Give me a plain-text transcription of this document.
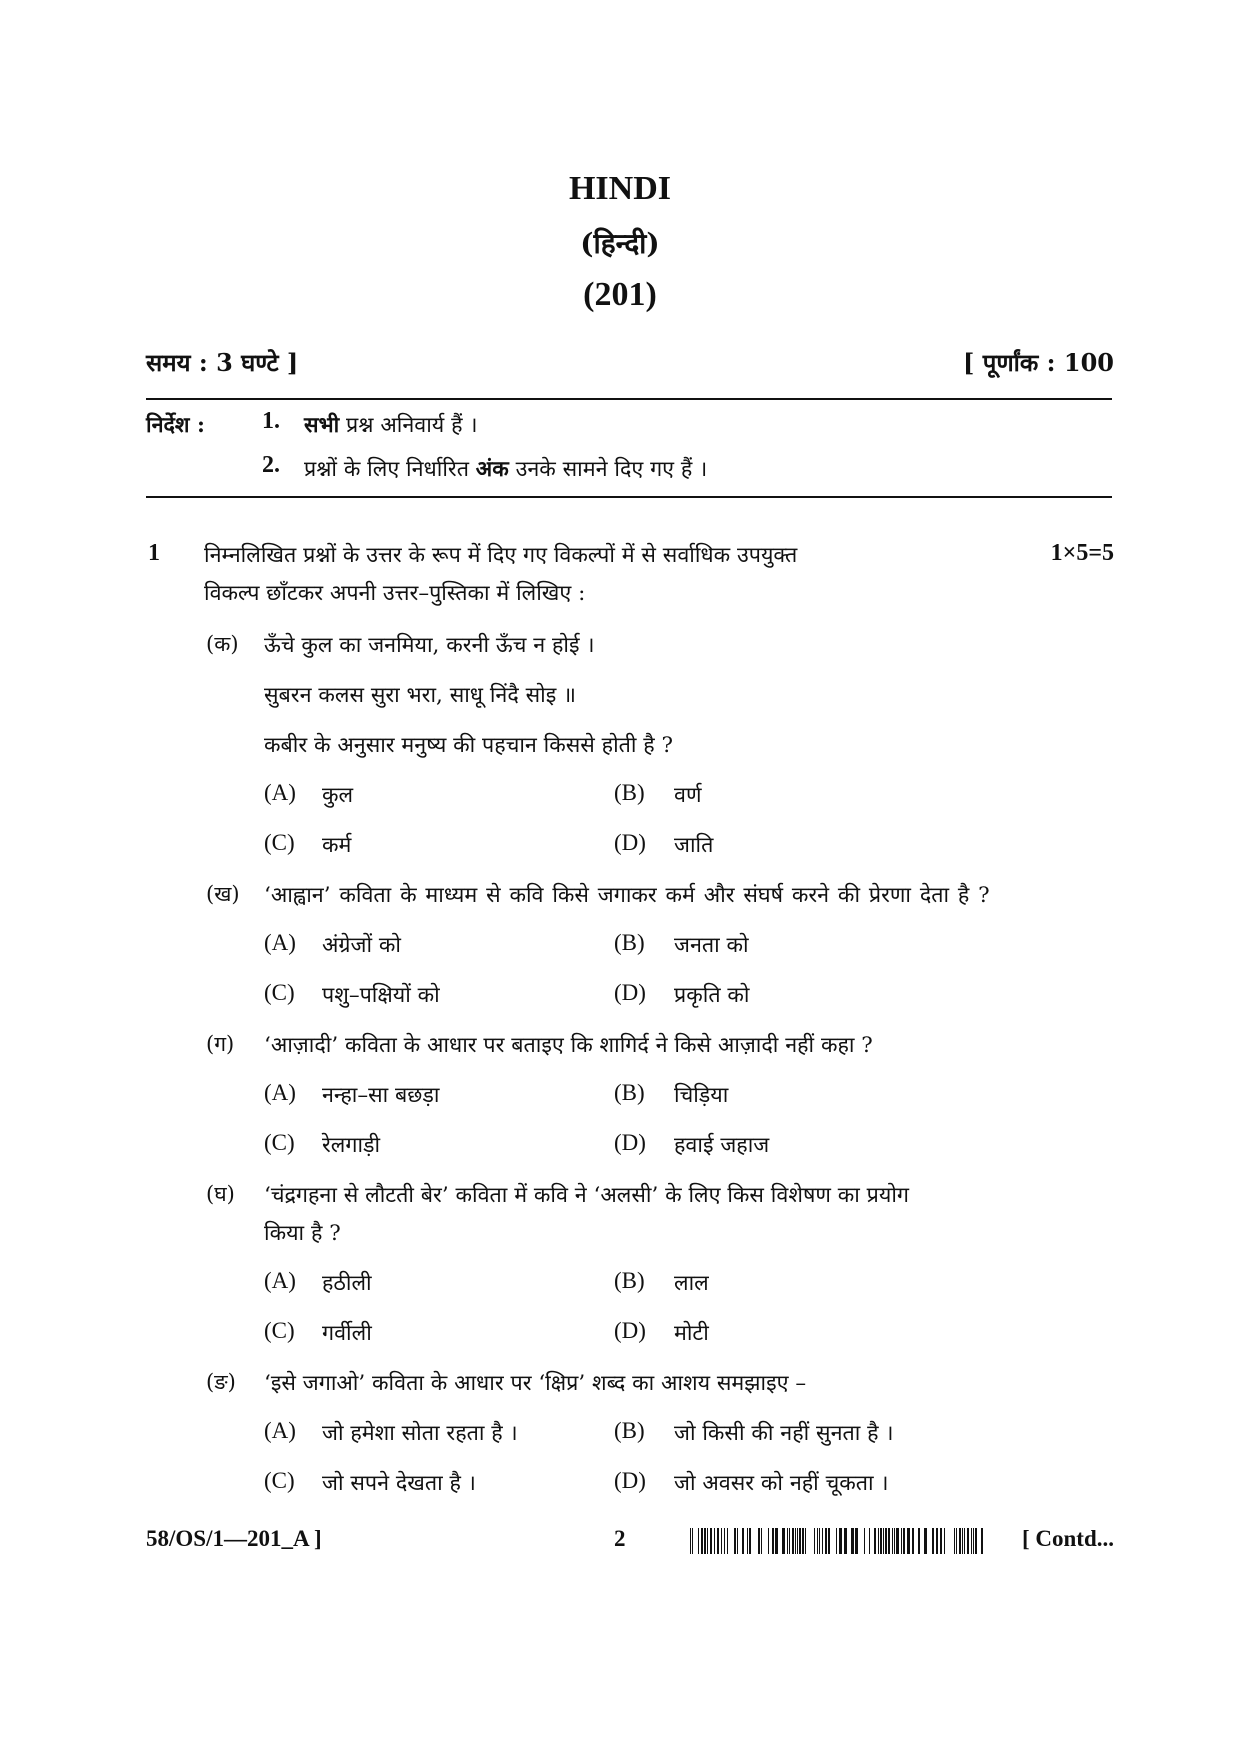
HINDI
(हिन्दी)
(201)
समय : 3 घण्टे ]	[ पूर्णांक : 100
निर्देश : 1. सभी प्रश्न अनिवार्य हैं ।
2. प्रश्नों के लिए निर्धारित अंक उनके सामने दिए गए हैं ।
1 निम्नलिखित प्रश्नों के उत्तर के रूप में दिए गए विकल्पों में से सर्वाधिक उपयुक्त
विकल्प छाँटकर अपनी उत्तर–पुस्तिका में लिखिए :
1×5=5
(क) ऊँचे कुल का जनमिया, करनी ऊँच न होई ।
सुबरन कलस सुरा भरा, साधू निंदै सोइ ॥
कबीर के अनुसार मनुष्य की पहचान किससे होती है ?
(A) कुल	(B) वर्ण
(C) कर्म	(D) जाति
(ख) ‘आह्वान’ कविता के माध्यम से कवि किसे जगाकर कर्म और संघर्ष करने की प्रेरणा देता है ?
(A) अंग्रेजों को	(B) जनता को
(C) पशु–पक्षियों को	(D) प्रकृति को
(ग) ‘आज़ादी’ कविता के आधार पर बताइए कि शागिर्द ने किसे आज़ादी नहीं कहा ?
(A) नन्हा–सा बछड़ा	(B) चिड़िया
(C) रेलगाड़ी	(D) हवाई जहाज
(घ) ‘चंद्रगहना से लौटती बेर’ कविता में कवि ने ‘अलसी’ के लिए किस विशेषण का प्रयोग
किया है ?
(A) हठीली	(B) लाल
(C) गर्वीली	(D) मोटी
(ङ) ‘इसे जगाओ’ कविता के आधार पर ‘क्षिप्र’ शब्द का आशय समझाइए –
(A) जो हमेशा सोता रहता है ।	(B) जो किसी की नहीं सुनता है ।
(C) जो सपने देखता है ।	(D) जो अवसर को नहीं चूकता ।
58/OS/1—201_A ]	2	[ Contd...
